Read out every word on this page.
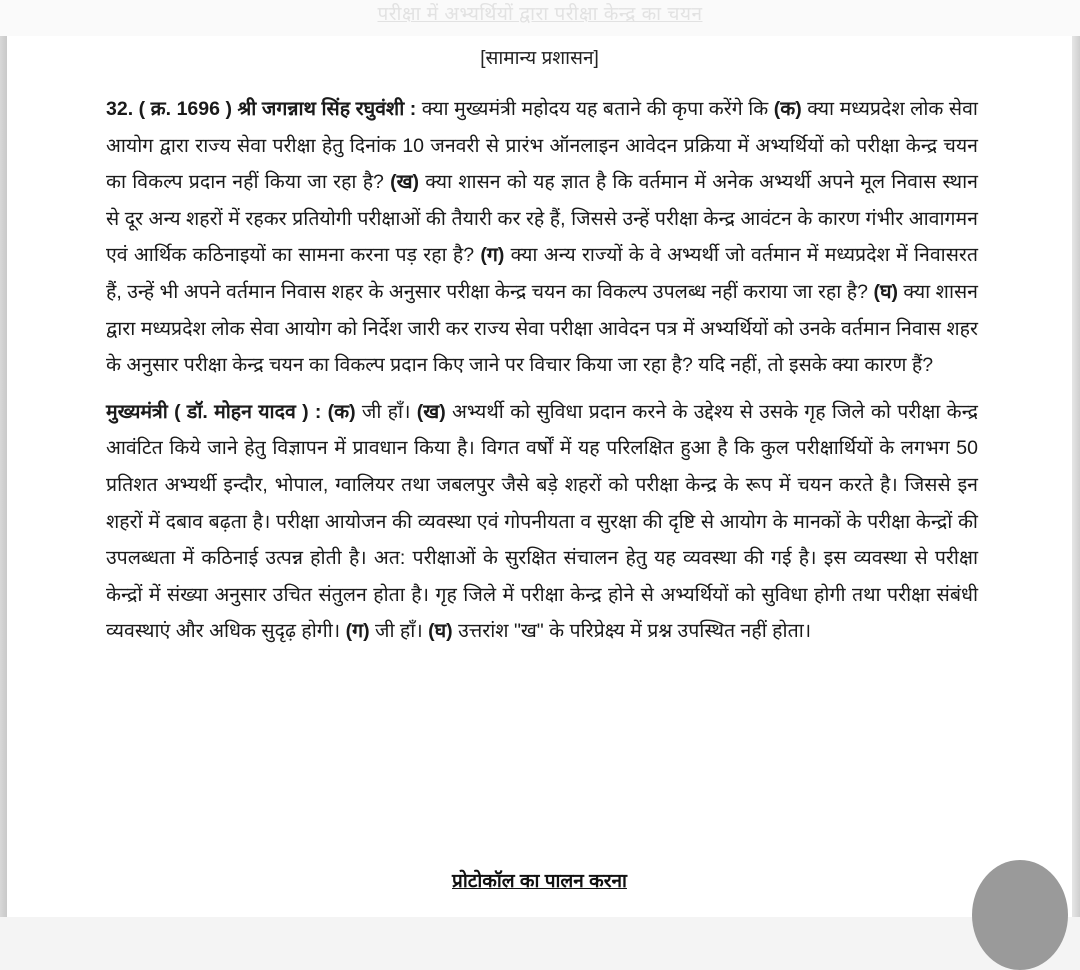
परीक्षा में अभ्यर्थियों द्वारा परीक्षा केन्द्र का चयन
[सामान्य प्रशासन]

32. ( क्र. 1696 ) श्री जगन्नाथ सिंह रघुवंशी : क्या मुख्यमंत्री महोदय यह बताने की कृपा करेंगे कि (क) क्या मध्यप्रदेश लोक सेवा आयोग द्वारा राज्य सेवा परीक्षा हेतु दिनांक 10 जनवरी से प्रारंभ ऑनलाइन आवेदन प्रक्रिया में अभ्यर्थियों को परीक्षा केन्द्र चयन का विकल्प प्रदान नहीं किया जा रहा है? (ख) क्या शासन को यह ज्ञात है कि वर्तमान में अनेक अभ्यर्थी अपने मूल निवास स्थान से दूर अन्य शहरों में रहकर प्रतियोगी परीक्षाओं की तैयारी कर रहे हैं, जिससे उन्हें परीक्षा केन्द्र आवंटन के कारण गंभीर आवागमन एवं आर्थिक कठिनाइयों का सामना करना पड़ रहा है? (ग) क्या अन्य राज्यों के वे अभ्यर्थी जो वर्तमान में मध्यप्रदेश में निवासरत हैं, उन्हें भी अपने वर्तमान निवास शहर के अनुसार परीक्षा केन्द्र चयन का विकल्प उपलब्ध नहीं कराया जा रहा है? (घ) क्या शासन द्वारा मध्यप्रदेश लोक सेवा आयोग को निर्देश जारी कर राज्य सेवा परीक्षा आवेदन पत्र में अभ्यर्थियों को उनके वर्तमान निवास शहर के अनुसार परीक्षा केन्द्र चयन का विकल्प प्रदान किए जाने पर विचार किया जा रहा है? यदि नहीं, तो इसके क्या कारण हैं?

मुख्यमंत्री ( डॉ. मोहन यादव ) : (क) जी हाँ। (ख) अभ्यर्थी को सुविधा प्रदान करने के उद्देश्य से उसके गृह जिले को परीक्षा केन्द्र आवंटित किये जाने हेतु विज्ञापन में प्रावधान किया है। विगत वर्षों में यह परिलक्षित हुआ है कि कुल परीक्षार्थियों के लगभग 50 प्रतिशत अभ्यर्थी इन्दौर, भोपाल, ग्वालियर तथा जबलपुर जैसे बड़े शहरों को परीक्षा केन्द्र के रूप में चयन करते है। जिससे इन शहरों में दबाव बढ़ता है। परीक्षा आयोजन की व्यवस्था एवं गोपनीयता व सुरक्षा की दृष्टि से आयोग के मानकों के परीक्षा केन्द्रों की उपलब्धता में कठिनाई उत्पन्न होती है। अत: परीक्षाओं के सुरक्षित संचालन हेतु यह व्यवस्था की गई है। इस व्यवस्था से परीक्षा केन्द्रों में संख्या अनुसार उचित संतुलन होता है। गृह जिले में परीक्षा केन्द्र होने से अभ्यर्थियों को सुविधा होगी तथा परीक्षा संबंधी व्यवस्थाएं और अधिक सुदृढ़ होगी। (ग) जी हाँ। (घ) उत्तरांश "ख" के परिप्रेक्ष्य में प्रश्न उपस्थित नहीं होता।

प्रोटोकॉल का पालन करना
